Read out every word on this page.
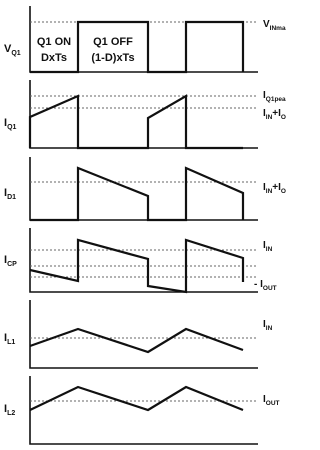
$V_{Q1}$
$V_{INma}$
Q1 ON
DxTs
Q1 OFF
(1-D)xTs
$I_{Q1}$
$I_{Q1pea}$
$I_{IN}+I_O$
$I_{D1}$
$I_{IN}+I_O$
$I_{CP}$
$I_{IN}$
- $I_{OUT}$
$I_{L1}$
$I_{IN}$
$I_{L2}$
$I_{OUT}$
